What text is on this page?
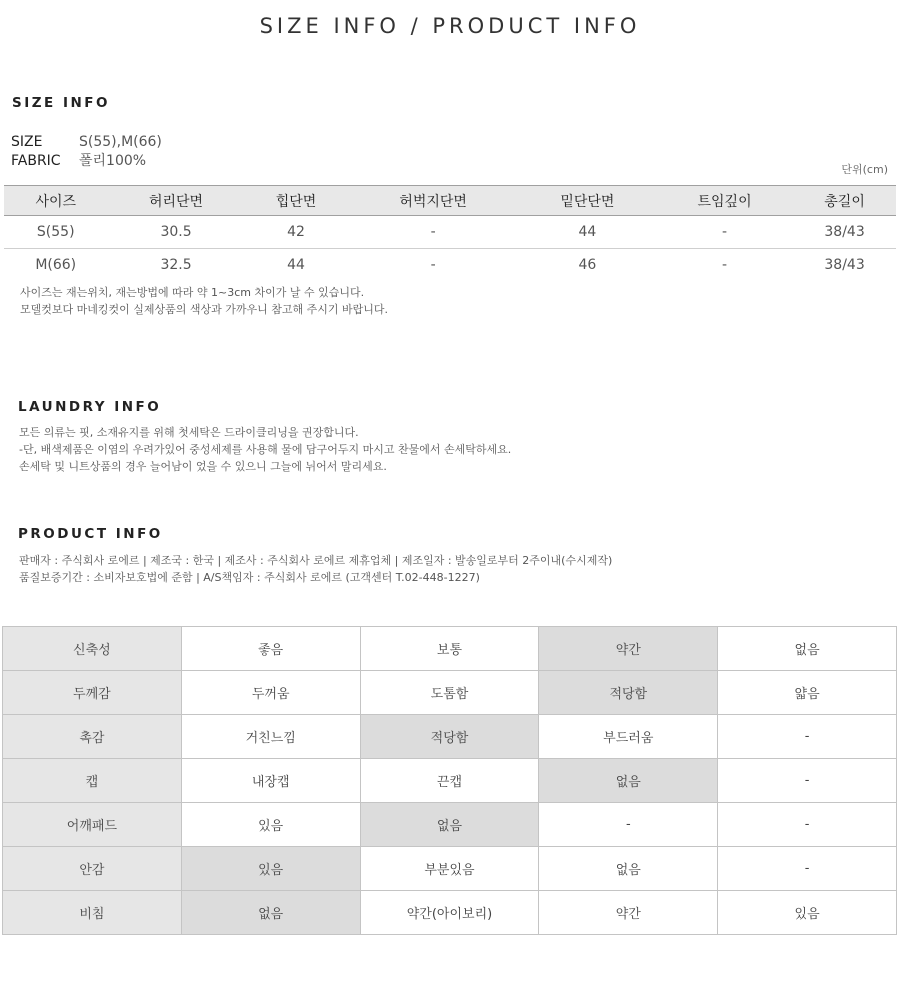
SIZE INFO / PRODUCT INFO
SIZE INFO
SIZE	S(55),M(66)
FABRIC 폴리100%
단위(cm)
사이즈	허리단면	힙단면	허벅지단면	밑단단면	트임깊이	총길이
S(55)	30.5	42	-	44	-	38/43
M(66)	32.5	44	-	46	-	38/43
사이즈는 재는위치, 재는방법에 따라 약 1~3cm 차이가 날 수 있습니다.
모델컷보다 마네킹컷이 실제상품의 색상과 가까우니 참고해 주시기 바랍니다.
LAUNDRY INFO
모든 의류는 핏, 소재유지를 위해 첫세탁은 드라이클리닝을 권장합니다.
-단, 배색제품은 이염의 우려가있어 중성세제를 사용해 물에 담구어두지 마시고 찬물에서 손세탁하세요.
손세탁 및 니트상품의 경우 늘어남이 었을 수 있으니 그늘에 뉘어서 말리세요.
PRODUCT INFO
판매자 : 주식회사 로에르 | 제조국 : 한국 | 제조사 : 주식회사 로에르 제휴업체 | 제조일자 : 발송일로부터 2주이내(수시제작)
품질보증기간 : 소비자보호법에 준함 | A/S책임자 : 주식회사 로에르 (고객센터 T.02-448-1227)
신축성	좋음	보통	약간	없음
두께감	두꺼움	도톰함	적당함	얇음
촉감	거친느낌	적당함	부드러움	-
캡	내장캡	끈캡	없음	-
어깨패드	있음	없음	-	-
안감	있음	부분있음	없음	-
비침	없음	약간(아이보리)	약간	있음
